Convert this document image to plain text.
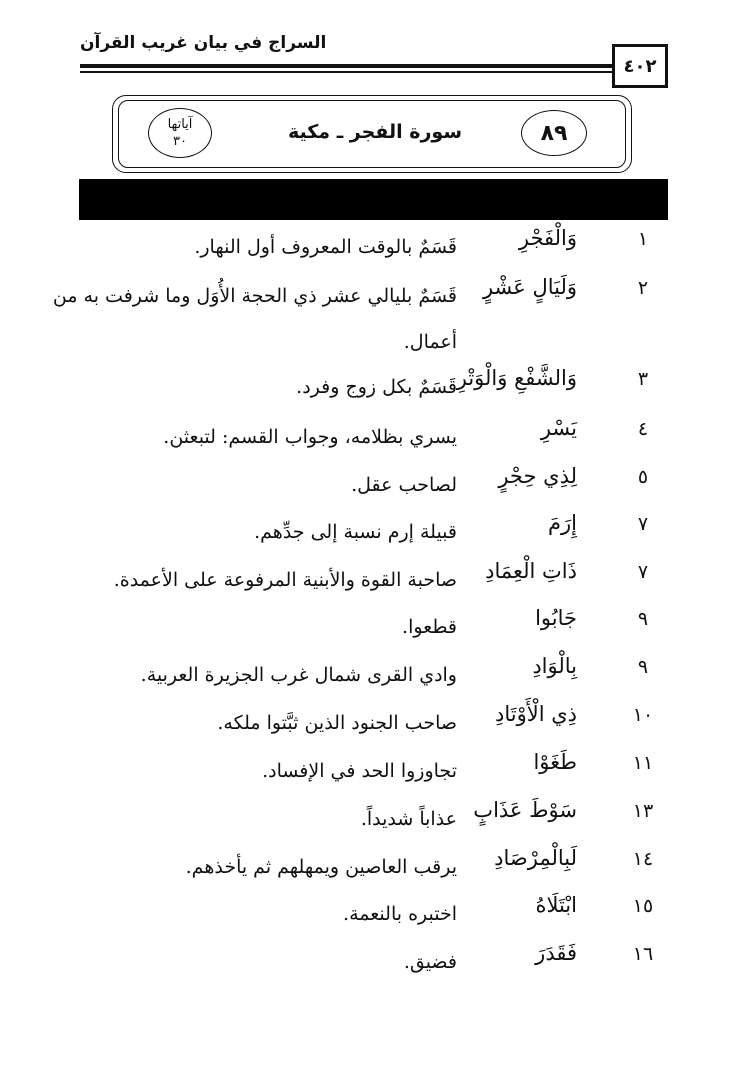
السراج في بيان غريب القرآن
٤٠٢
٨٩
سورة الفجر ـ مكية
آياتها
٣٠
١
وَالْفَجْرِ
قَسَمٌ بالوقت المعروف أول النهار.
٢
وَلَيَالٍ عَشْرٍ
قَسَمٌ بليالي عشر ذي الحجة الأُوَل وما شرفت به من أعمال.
٣
وَالشَّفْعِ وَالْوَتْرِ
قَسَمٌ بكل زوج وفرد.
٤
يَسْرِ
يسري بظلامه، وجواب القسم: لتبعثن.
٥
لِذِي حِجْرٍ
لصاحب عقل.
٧
إِرَمَ
قبيلة إرم نسبة إلى جدِّهم.
٧
ذَاتِ الْعِمَادِ
صاحبة القوة والأبنية المرفوعة على الأعمدة.
٩
جَابُوا
قطعوا.
٩
بِالْوَادِ
وادي القرى شمال غرب الجزيرة العربية.
١٠
ذِي الْأَوْتَادِ
صاحب الجنود الذين ثبَّتوا ملكه.
١١
طَغَوْا
تجاوزوا الحد في الإفساد.
١٣
سَوْطَ عَذَابٍ
عذاباً شديداً.
١٤
لَبِالْمِرْصَادِ
يرقب العاصين ويمهلهم ثم يأخذهم.
١٥
ابْتَلَاهُ
اختبره بالنعمة.
١٦
فَقَدَرَ
فضيق.
